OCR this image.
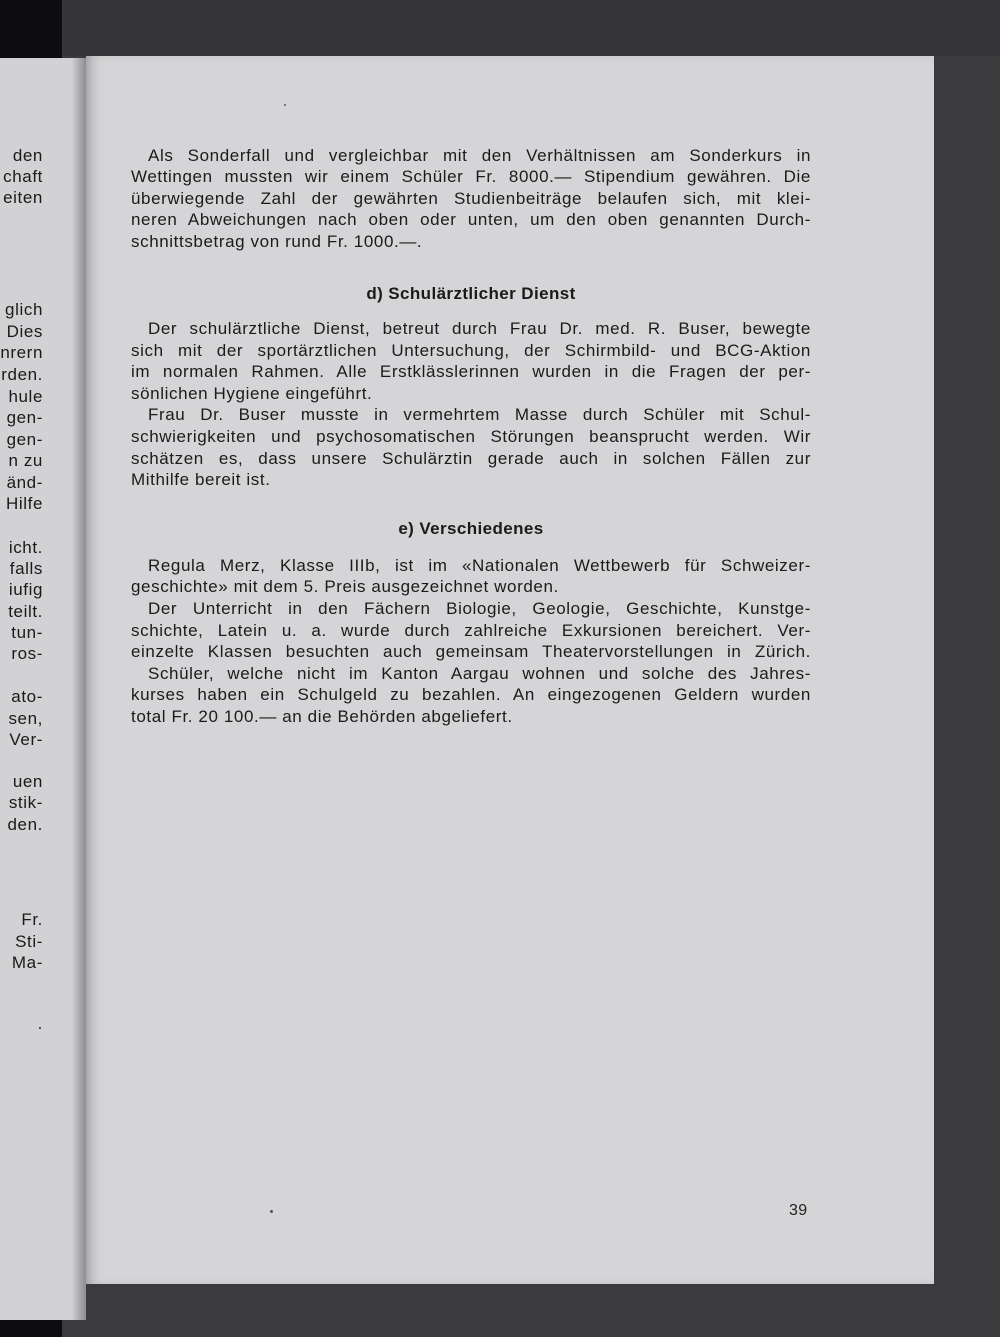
den

chaft

eiten

glich

Dies

nrern

rden.

hule

gen-

gen-

n zu

änd-

Hilfe

icht.

falls

iufig

teilt.

tun-

ros-

ato-

sen,

Ver-

uen

stik-

den.

Fr.

Sti-

Ma-

.

Als Sonderfall und vergleichbar mit den Verhältnissen am Sonderkurs in

Wettingen mussten wir einem Schüler Fr. 8000.— Stipendium gewähren. Die

überwiegende Zahl der gewährten Studienbeiträge belaufen sich, mit klei-

neren Abweichungen nach oben oder unten, um den oben genannten Durch-

schnittsbetrag von rund Fr. 1000.—.

d) Schulärztlicher Dienst

Der schulärztliche Dienst, betreut durch Frau Dr. med. R. Buser, bewegte

sich mit der sportärztlichen Untersuchung, der Schirmbild- und BCG-Aktion

im normalen Rahmen. Alle Erstklässlerinnen wurden in die Fragen der per-

sönlichen Hygiene eingeführt.

Frau Dr. Buser musste in vermehrtem Masse durch Schüler mit Schul-

schwierigkeiten und psychosomatischen Störungen beansprucht werden. Wir

schätzen es, dass unsere Schulärztin gerade auch in solchen Fällen zur

Mithilfe bereit ist.

e) Verschiedenes

Regula Merz, Klasse IIIb, ist im «Nationalen Wettbewerb für Schweizer-

geschichte» mit dem 5. Preis ausgezeichnet worden.

Der Unterricht in den Fächern Biologie, Geologie, Geschichte, Kunstge-

schichte, Latein u. a. wurde durch zahlreiche Exkursionen bereichert. Ver-

einzelte Klassen besuchten auch gemeinsam Theatervorstellungen in Zürich.

Schüler, welche nicht im Kanton Aargau wohnen und solche des Jahres-

kurses haben ein Schulgeld zu bezahlen. An eingezogenen Geldern wurden

total Fr. 20 100.— an die Behörden abgeliefert.

39
